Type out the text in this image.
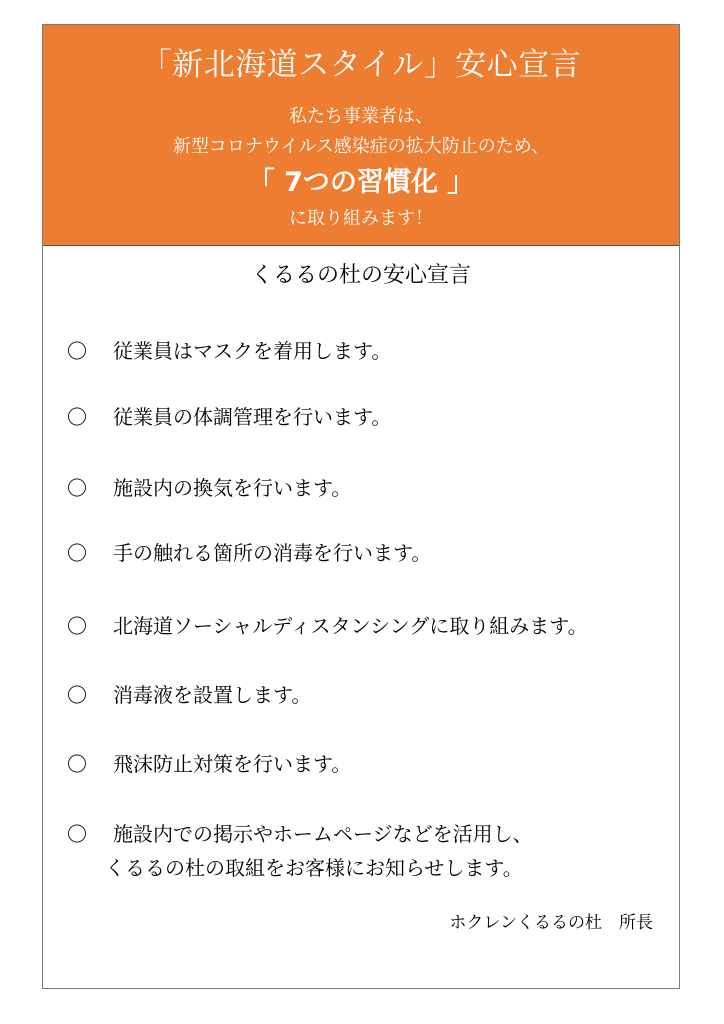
「新北海道スタイル」安心宣言
私たち事業者は、
新型コロナウイルス感染症の拡大防止のため、
「 7つの習慣化 」
に取り組みます！
くるるの杜の安心宣言
〇	従業員はマスクを着用します。
〇	従業員の体調管理を行います。
〇	施設内の換気を行います。
〇	手の触れる箇所の消毒を行います。
〇	北海道ソーシャルディスタンシングに取り組みます。
〇	消毒液を設置します。
〇	飛沫防止対策を行います。
〇	施設内での掲示やホームページなどを活用し、
くるるの杜の取組をお客様にお知らせします。
ホクレンくるるの杜　所長
